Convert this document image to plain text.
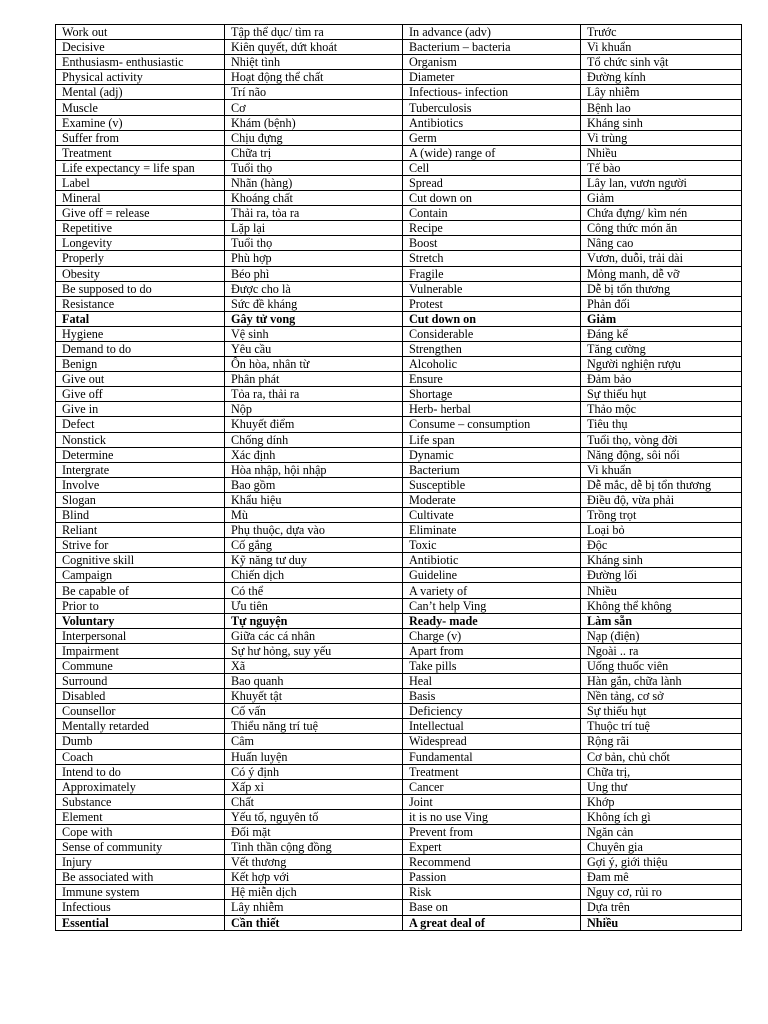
Work out	Tập thể dục/ tìm ra	In advance (adv)	Trước
Decisive	Kiên quyết, dứt khoát	Bacterium – bacteria	Vi khuẩn
Enthusiasm- enthusiastic	Nhiệt tình	Organism	Tổ chức sinh vật
Physical activity	Hoạt động thể chất	Diameter	Đường kính
Mental (adj)	Trí não	Infectious- infection	Lây nhiễm
Muscle	Cơ	Tuberculosis	Bệnh lao
Examine (v)	Khám (bệnh)	Antibiotics	Kháng sinh
Suffer from	Chịu đựng	Germ	Vi trùng
Treatment	Chữa trị	A (wide) range of	Nhiều
Life expectancy = life span	Tuổi thọ	Cell	Tế bào
Label	Nhãn (hàng)	Spread	Lây lan, vươn người
Mineral	Khoáng chất	Cut down on	Giảm
Give off = release	Thải ra, tỏa ra	Contain	Chứa đựng/ kìm nén
Repetitive	Lặp lại	Recipe	Công thức món ăn
Longevity	Tuổi thọ	Boost	Nâng cao
Properly	Phù hợp	Stretch	Vươn, duỗi, trải dài
Obesity	Béo phì	Fragile	Mỏng manh, dễ vỡ
Be supposed to do	Được cho là	Vulnerable	Dễ bị tổn thương
Resistance	Sức đề kháng	Protest	Phản đối
Fatal	Gây tử vong	Cut down on	Giảm
Hygiene	Vệ sinh	Considerable	Đáng kể
Demand to do	Yêu cầu	Strengthen	Tăng cường
Benign	Ôn hòa, nhân từ	Alcoholic	Người nghiện rượu
Give out	Phân phát	Ensure	Đảm bảo
Give off	Tỏa ra, thải ra	Shortage	Sự thiếu hụt
Give in	Nộp	Herb- herbal	Thảo mộc
Defect	Khuyết điểm	Consume – consumption	Tiêu thụ
Nonstick	Chống dính	Life span	Tuổi thọ, vòng đời
Determine	Xác định	Dynamic	Năng động, sôi nổi
Intergrate	Hòa nhập, hội nhập	Bacterium	Vi khuẩn
Involve	Bao gồm	Susceptible	Dễ mắc, dễ bị tổn thương
Slogan	Khẩu hiệu	Moderate	Điều độ, vừa phải
Blind	Mù	Cultivate	Trồng trọt
Reliant	Phụ thuộc, dựa vào	Eliminate	Loại bỏ
Strive for	Cố gắng	Toxic	Độc
Cognitive skill	Kỹ năng tư duy	Antibiotic	Kháng sinh
Campaign	Chiến dịch	Guideline	Đường lối
Be capable of	Có thể	A variety of	Nhiều
Prior to	Ưu tiên	Can’t help Ving	Không thể không
Voluntary	Tự nguyện	Ready- made	Làm sẵn
Interpersonal	Giữa các cá nhân	Charge (v)	Nạp (điện)
Impairment	Sự hư hỏng, suy yếu	Apart from	Ngoài .. ra
Commune	Xã	Take pills	Uống thuốc viên
Surround	Bao quanh	Heal	Hàn gắn, chữa lành
Disabled	Khuyết tật	Basis	Nền tảng, cơ sở
Counsellor	Cố vấn	Deficiency	Sự thiếu hụt
Mentally retarded	Thiểu năng trí tuệ	Intellectual	Thuộc trí tuệ
Dumb	Câm	Widespread	Rộng rãi
Coach	Huấn luyện	Fundamental	Cơ bản, chủ chốt
Intend to do	Có ý định	Treatment	Chữa trị,
Approximately	Xấp xỉ	Cancer	Ung thư
Substance	Chất	Joint	Khớp
Element	Yếu tố, nguyên tố	it is no use Ving	Không ích gì
Cope with	Đối mặt	Prevent from	Ngăn cản
Sense of community	Tinh thần cộng đồng	Expert	Chuyên gia
Injury	Vết thương	Recommend	Gợi ý, giới thiệu
Be associated with	Kết hợp với	Passion	Đam mê
Immune system	Hệ miễn dịch	Risk	Nguy cơ, rủi ro
Infectious	Lây nhiễm	Base on	Dựa trên
Essential	Cần thiết	A great deal of	Nhiều
